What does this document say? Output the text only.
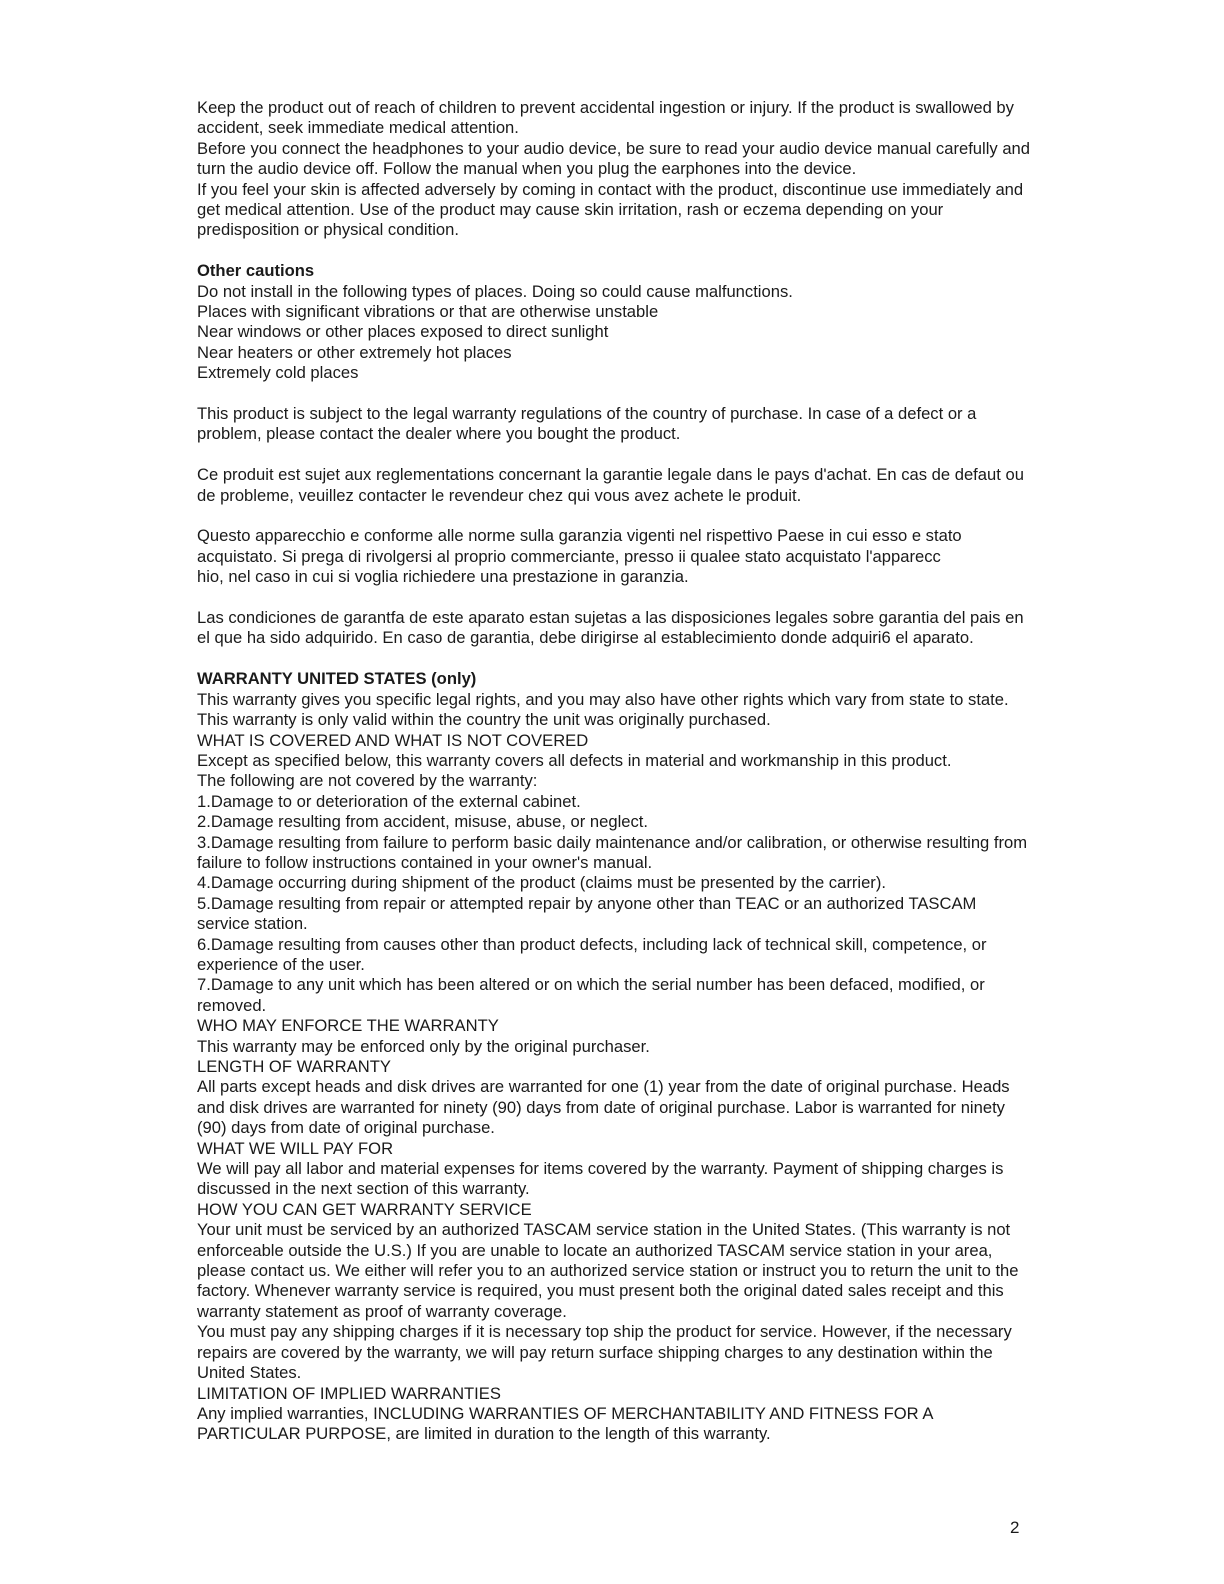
Keep the product out of reach of children to prevent accidental ingestion or injury. If the product is swallowed by accident, seek immediate medical attention.

Before you connect the headphones to your audio device, be sure to read your audio device manual carefully and turn the audio device off. Follow the manual when you plug the earphones into the device.

If you feel your skin is affected adversely by coming in contact with the product, discontinue use immediately and get medical attention. Use of the product may cause skin irritation, rash or eczema depending on your predisposition or physical condition.

Other cautions

Do not install in the following types of places. Doing so could cause malfunctions.

Places with significant vibrations or that are otherwise unstable

Near windows or other places exposed to direct sunlight

Near heaters or other extremely hot places

Extremely cold places

This product is subject to the legal warranty regulations of the country of purchase. In case of a defect or a problem, please contact the dealer where you bought the product.

Ce produit est sujet aux reglementations concernant la garantie legale dans le pays d'achat. En cas de defaut ou de probleme, veuillez contacter le revendeur chez qui vous avez achete le produit.

Questo apparecchio e conforme alle norme sulla garanzia vigenti nel rispettivo Paese in cui esso e stato

acquistato. Si prega di rivolgersi al proprio commerciante, presso ii qualee stato acquistato l'apparecc

hio, nel caso in cui si voglia richiedere una prestazione in garanzia.

Las condiciones de garantfa de este aparato estan sujetas a las disposiciones legales sobre garantia del pais en el que ha sido adquirido. En caso de garantia, debe dirigirse al establecimiento donde adquiri6 el aparato.

WARRANTY UNITED STATES (only)

This warranty gives you specific legal rights, and you may also have other rights which vary from state to state. This warranty is only valid within the country the unit was originally purchased.

WHAT IS COVERED AND WHAT IS NOT COVERED

Except as specified below, this warranty covers all defects in material and workmanship in this product.

The following are not covered by the warranty:

1.Damage to or deterioration of the external cabinet.

2.Damage resulting from accident, misuse, abuse, or neglect.

3.Damage resulting from failure to perform basic daily maintenance and/or calibration, or otherwise resulting from failure to follow instructions contained in your owner's manual.

4.Damage occurring during shipment of the product (claims must be presented by the carrier).

5.Damage resulting from repair or attempted repair by anyone other than TEAC or an authorized TASCAM service station.

6.Damage resulting from causes other than product defects, including lack of technical skill, competence, or experience of the user.

7.Damage to any unit which has been altered or on which the serial number has been defaced, modified, or removed.

WHO MAY ENFORCE THE WARRANTY

This warranty may be enforced only by the original purchaser.

LENGTH OF WARRANTY

All parts except heads and disk drives are warranted for one (1) year from the date of original purchase. Heads and disk drives are warranted for ninety (90) days from date of original purchase. Labor is warranted for ninety (90) days from date of original purchase.

WHAT WE WILL PAY FOR

We will pay all labor and material expenses for items covered by the warranty. Payment of shipping charges is discussed in the next section of this warranty.

HOW YOU CAN GET WARRANTY SERVICE

Your unit must be serviced by an authorized TASCAM service station in the United States. (This warranty is not enforceable outside the U.S.) If you are unable to locate an authorized TASCAM service station in your area, please contact us. We either will refer you to an authorized service station or instruct you to return the unit to the factory. Whenever warranty service is required, you must present both the original dated sales receipt and this warranty statement as proof of warranty coverage.

You must pay any shipping charges if it is necessary top ship the product for service. However, if the necessary repairs are covered by the warranty, we will pay return surface shipping charges to any destination within the United States.

LIMITATION OF IMPLIED WARRANTIES

Any implied warranties, INCLUDING WARRANTIES OF MERCHANTABILITY AND FITNESS FOR A PARTICULAR PURPOSE, are limited in duration to the length of this warranty.

2
